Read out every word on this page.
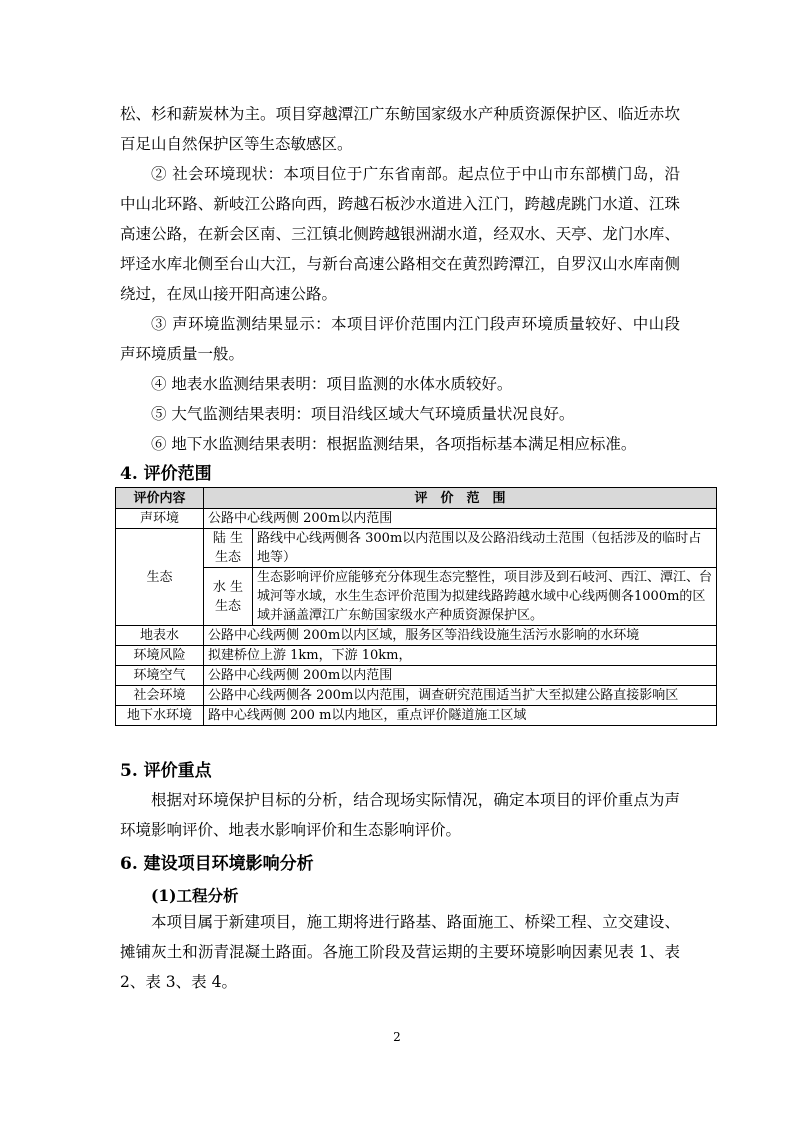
松、杉和薪炭林为主。项目穿越潭江广东鲂国家级水产种质资源保护区、临近赤坎百足山自然保护区等生态敏感区。

② 社会环境现状：本项目位于广东省南部。起点位于中山市东部横门岛，沿中山北环路、新岐江公路向西，跨越石板沙水道进入江门，跨越虎跳门水道、江珠高速公路，在新会区南、三江镇北侧跨越银洲湖水道，经双水、天亭、龙门水库、坪迳水库北侧至台山大江，与新台高速公路相交在黄烈跨潭江，自罗汉山水库南侧绕过，在凤山接开阳高速公路。

③ 声环境监测结果显示：本项目评价范围内江门段声环境质量较好、中山段声环境质量一般。

④ 地表水监测结果表明：项目监测的水体水质较好。

⑤ 大气监测结果表明：项目沿线区域大气环境质量状况良好。

⑥ 地下水监测结果表明：根据监测结果，各项指标基本满足相应标准。

4. 评价范围
评价内容	评　价　范　围	
声环境	公路中心线两侧 200m以内范围	
生态	陆 生生态	路线中心线两侧各 300m以内范围以及公路沿线动土范围（包括涉及的临时占地等）
	水 生生态	生态影响评价应能够充分体现生态完整性，项目涉及到石岐河、西江、潭江、台城河等水域，水生生态评价范围为拟建线路跨越水域中心线两侧各1000m的区域并涵盖潭江广东鲂国家级水产种质资源保护区。
地表水	公路中心线两侧 200m以内区域，服务区等沿线设施生活污水影响的水环境	
环境风险	拟建桥位上游 1km，下游 10km，	
环境空气	公路中心线两侧 200m以内范围	
社会环境	公路中心线两侧各 200m以内范围，调查研究范围适当扩大至拟建公路直接影响区	
地下水环境	路中心线两侧 200 m以内地区，重点评价隧道施工区域	
5. 评价重点

根据对环境保护目标的分析，结合现场实际情况，确定本项目的评价重点为声环境影响评价、地表水影响评价和生态影响评价。

6. 建设项目环境影响分析
(1)工程分析

本项目属于新建项目，施工期将进行路基、路面施工、桥梁工程、立交建设、摊铺灰土和沥青混凝土路面。各施工阶段及营运期的主要环境影响因素见表 1、表 2、表 3、表 4。

2
